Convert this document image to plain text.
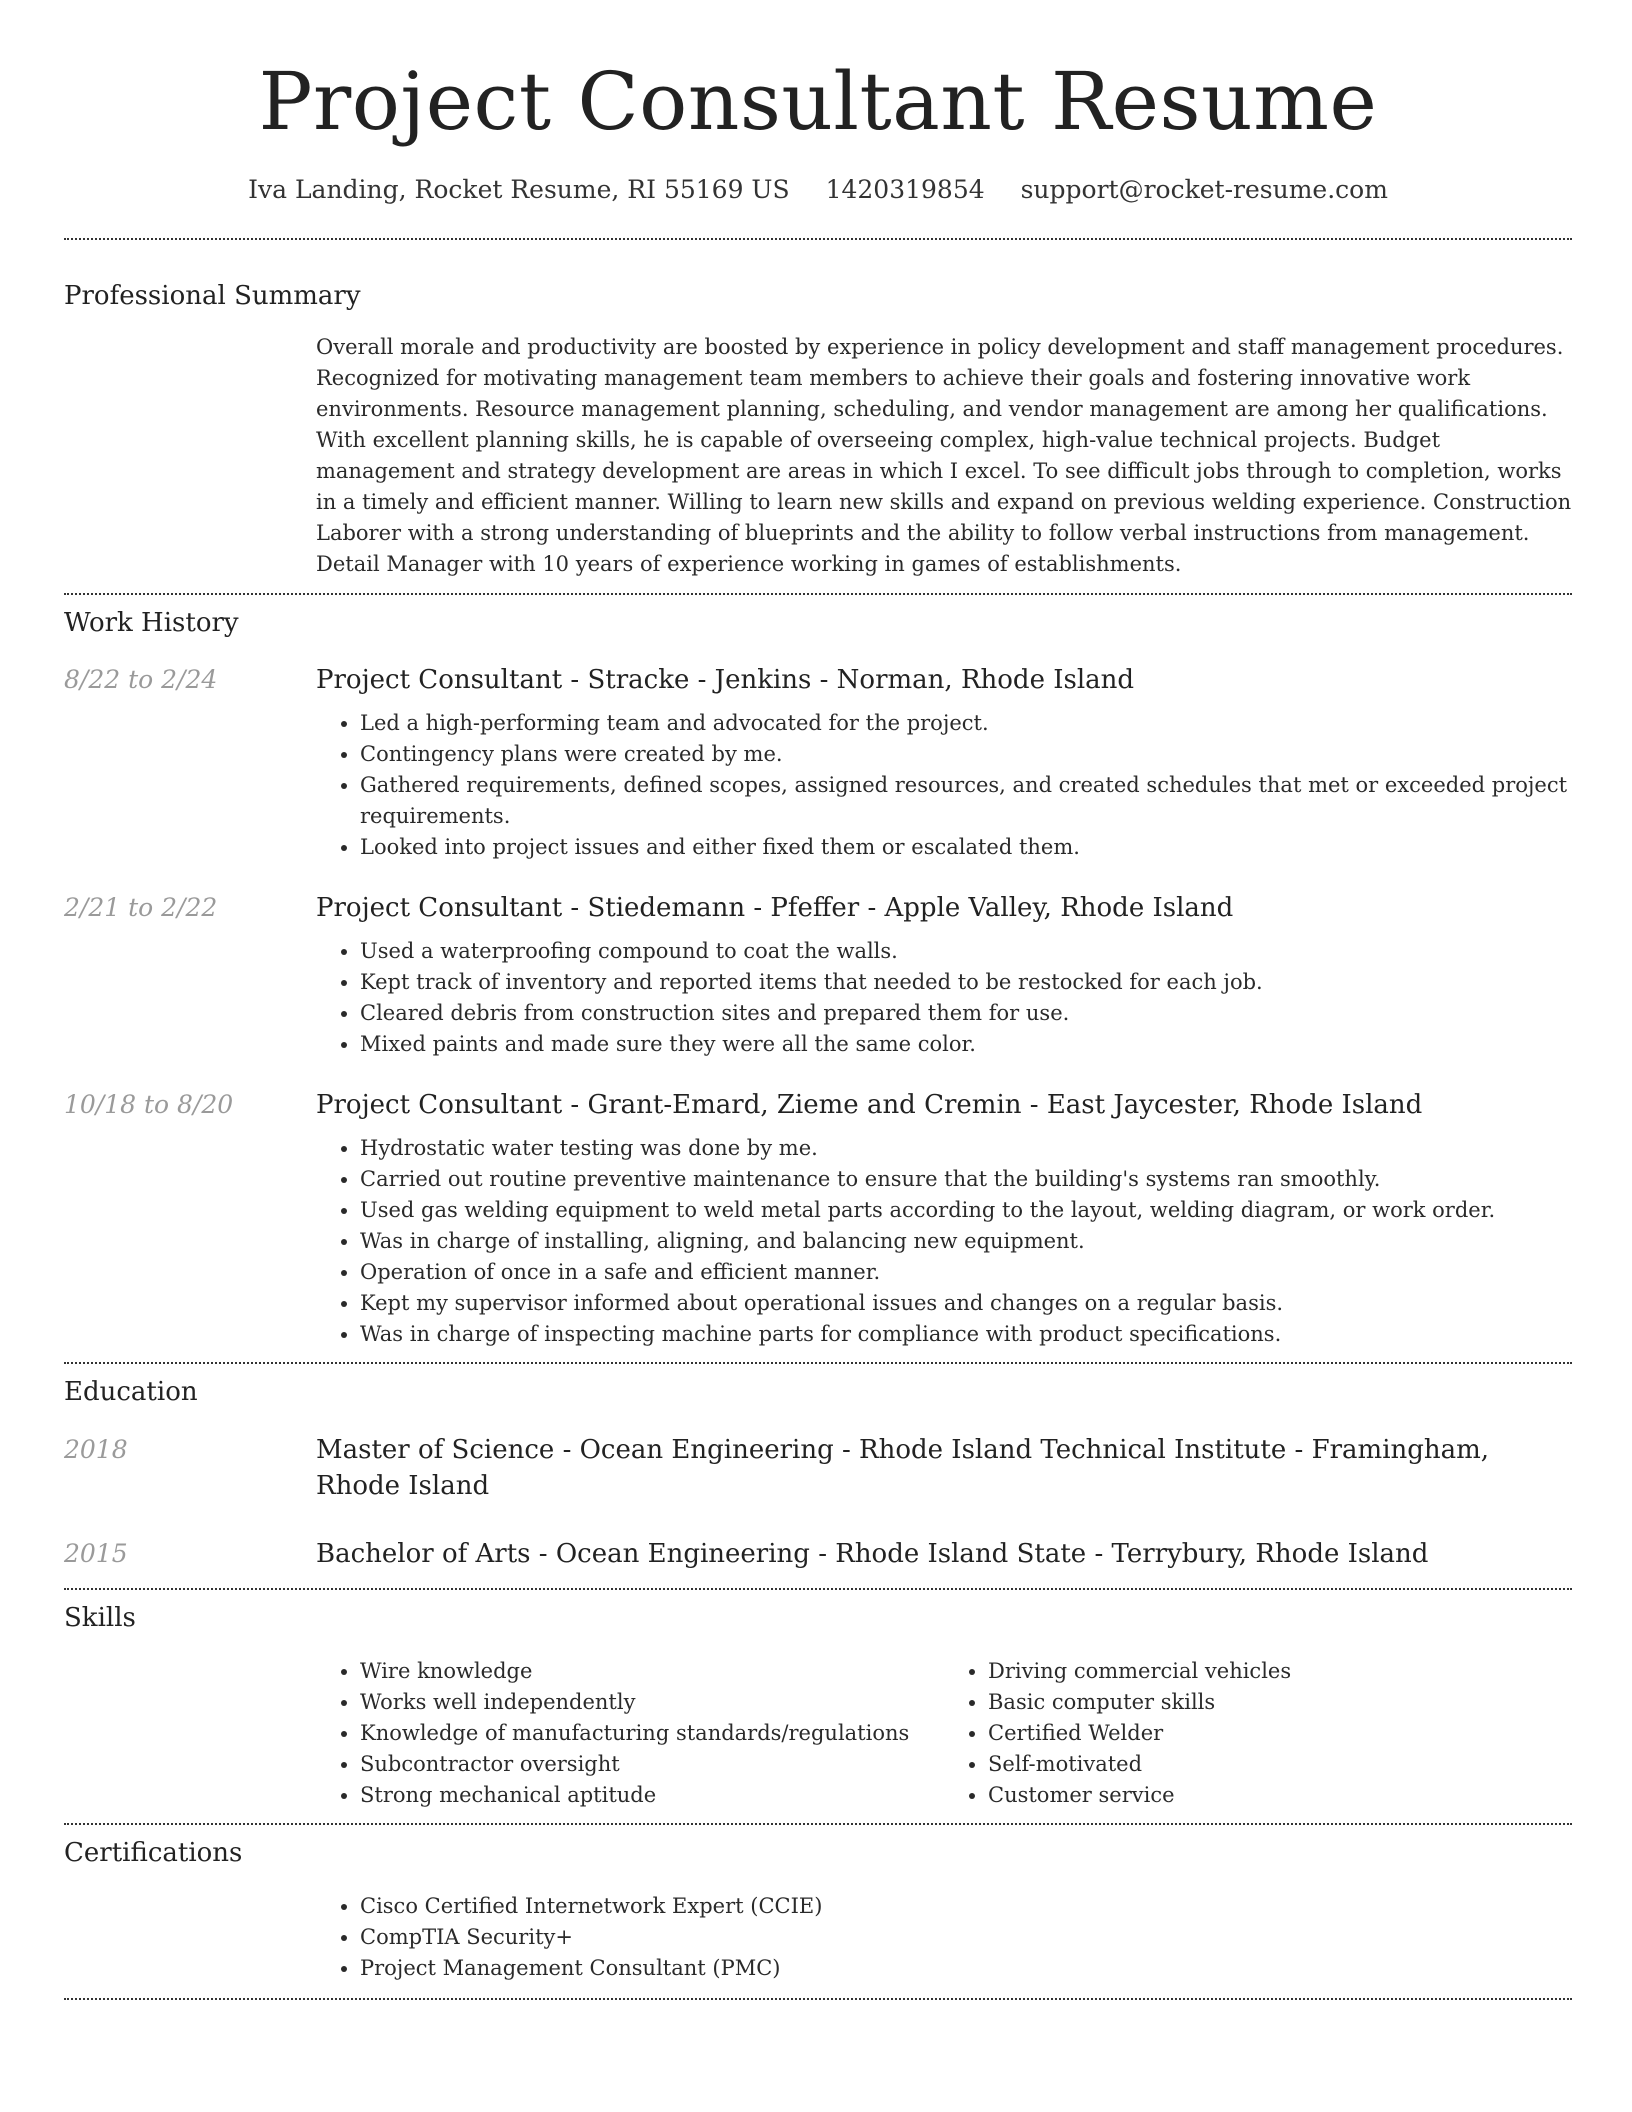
Project Consultant Resume
Iva Landing, Rocket Resume, RI 55169 US 1420319854 support@rocket-resume.com
Professional Summary

Overall morale and productivity are boosted by experience in policy development and staff management procedures. Recognized for motivating management team members to achieve their goals and fostering innovative work environments. Resource management planning, scheduling, and vendor management are among her qualifications. With excellent planning skills, he is capable of overseeing complex, high-value technical projects. Budget management and strategy development are areas in which I excel. To see difficult jobs through to completion, works in a timely and efficient manner. Willing to learn new skills and expand on previous welding experience. Construction Laborer with a strong understanding of blueprints and the ability to follow verbal instructions from management. Detail Manager with 10 years of experience working in games of establishments.

Work History
8/22 to 2/24	Project Consultant - Stracke - Jenkins - Norman, Rhode Island
• Led a high-performing team and advocated for the project.
• Contingency plans were created by me.
• Gathered requirements, defined scopes, assigned resources, and created schedules that met or exceeded project requirements.
• Looked into project issues and either fixed them or escalated them.
2/21 to 2/22	Project Consultant - Stiedemann - Pfeffer - Apple Valley, Rhode Island
• Used a waterproofing compound to coat the walls.
• Kept track of inventory and reported items that needed to be restocked for each job.
• Cleared debris from construction sites and prepared them for use.
• Mixed paints and made sure they were all the same color.
10/18 to 8/20	Project Consultant - Grant-Emard, Zieme and Cremin - East Jaycester, Rhode Island
• Hydrostatic water testing was done by me.
• Carried out routine preventive maintenance to ensure that the building's systems ran smoothly.
• Used gas welding equipment to weld metal parts according to the layout, welding diagram, or work order.
• Was in charge of installing, aligning, and balancing new equipment.
• Operation of once in a safe and efficient manner.
• Kept my supervisor informed about operational issues and changes on a regular basis.
• Was in charge of inspecting machine parts for compliance with product specifications.
Education
2018	Master of Science - Ocean Engineering - Rhode Island Technical Institute - Framingham, Rhode Island
2015	Bachelor of Arts - Ocean Engineering - Rhode Island State - Terrybury, Rhode Island
Skills
• Wire knowledge
• Works well independently
• Knowledge of manufacturing standards/regulations
• Subcontractor oversight
• Strong mechanical aptitude
• Driving commercial vehicles
• Basic computer skills
• Certified Welder
• Self-motivated
• Customer service
Certifications
• Cisco Certified Internetwork Expert (CCIE)
• CompTIA Security+
• Project Management Consultant (PMC)
